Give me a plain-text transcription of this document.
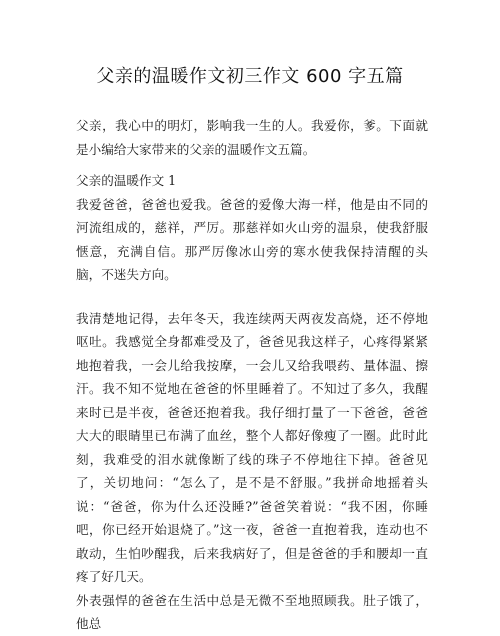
父亲的温暖作文初三作文 600 字五篇

父亲，我心中的明灯，影响我一生的人。我爱你，爹。下面就是小编给大家带来的父亲的温暖作文五篇。

父亲的温暖作文 1

我爱爸爸，爸爸也爱我。爸爸的爱像大海一样，他是由不同的河流组成的，慈祥，严厉。那慈祥如火山旁的温泉，使我舒服惬意，充满自信。那严厉像冰山旁的寒水使我保持清醒的头脑，不迷失方向。

我清楚地记得，去年冬天，我连续两天两夜发高烧，还不停地呕吐。我感觉全身都难受及了，爸爸见我这样子，心疼得紧紧地抱着我，一会儿给我按摩，一会儿又给我喂药、量体温、擦汗。我不知不觉地在爸爸的怀里睡着了。不知过了多久，我醒来时已是半夜，爸爸还抱着我。我仔细打量了一下爸爸，爸爸大大的眼睛里已布满了血丝，整个人都好像瘦了一圈。此时此刻，我难受的泪水就像断了线的珠子不停地往下掉。爸爸见了，关切地问：“怎么了，是不是不舒服。”我拼命地摇着头说：“爸爸，你为什么还没睡?”爸爸笑着说：“我不困，你睡吧，你已经开始退烧了。”这一夜，爸爸一直抱着我，连动也不敢动，生怕吵醒我，后来我病好了，但是爸爸的手和腰却一直疼了好几天。

外表强悍的爸爸在生活中总是无微不至地照顾我。肚子饿了，他总
